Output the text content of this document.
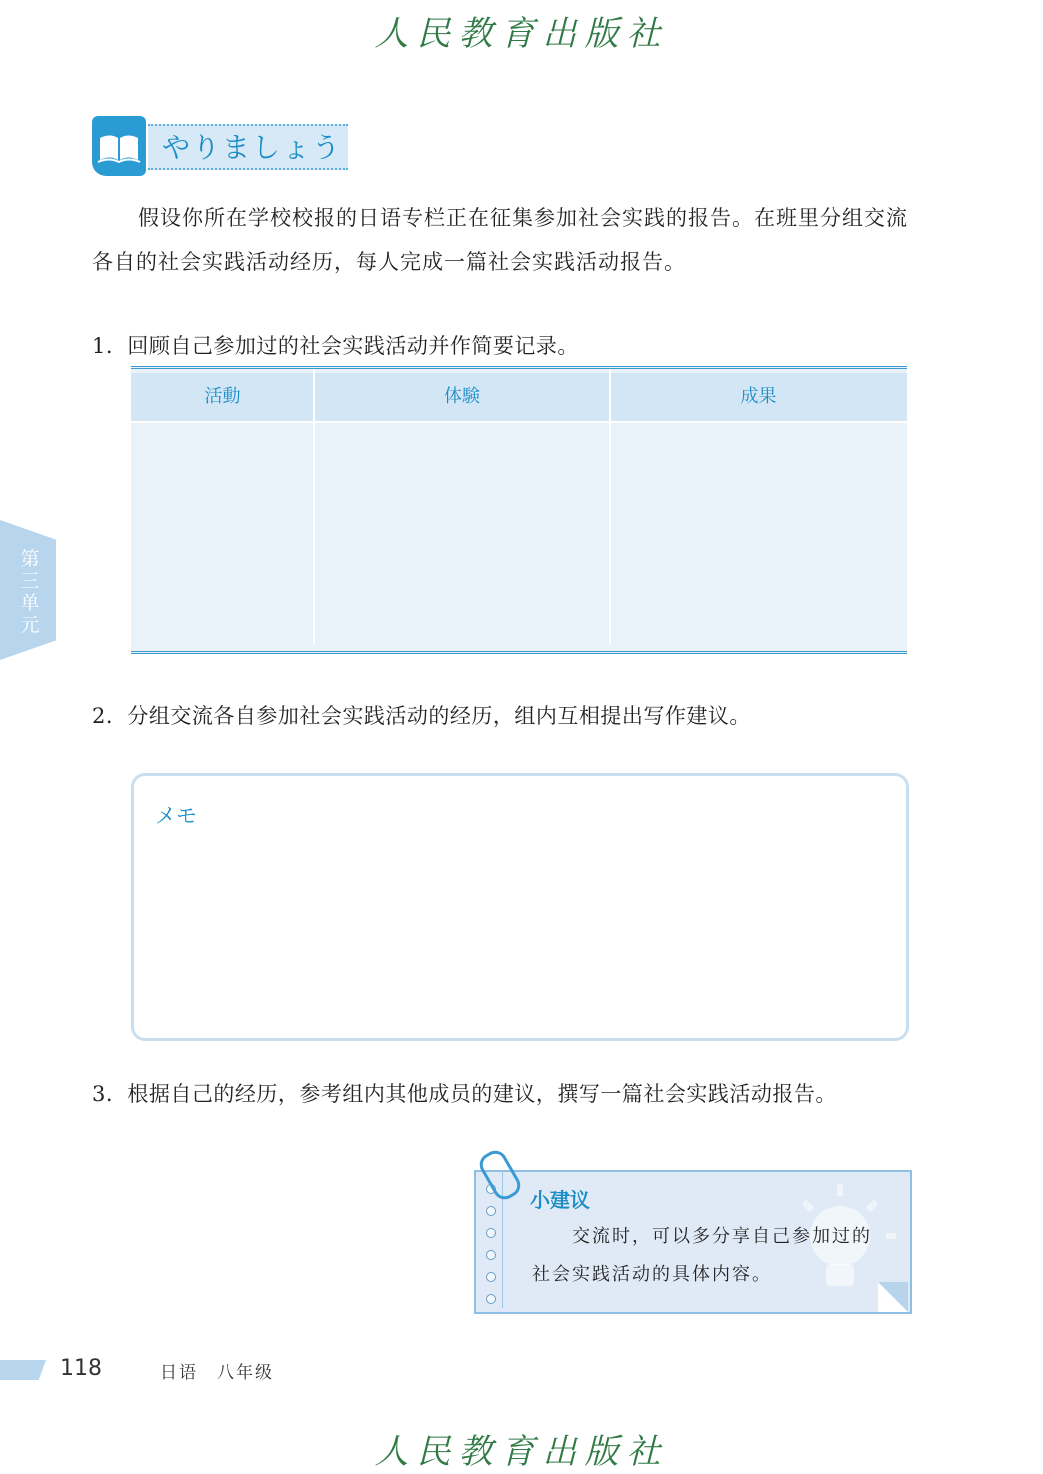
人民教育出版社
やりましょう
假设你所在学校校报的日语专栏正在征集参加社会实践的报告。在班里分组交流各自的社会实践活动经历，每人完成一篇社会实践活动报告。
1. 回顾自己参加过的社会实践活动并作简要记录。
活動	体験	成果
2. 分组交流各自参加社会实践活动的经历，组内互相提出写作建议。
メモ
3. 根据自己的经历，参考组内其他成员的建议，撰写一篇社会实践活动报告。
小建议
交流时，可以多分享自己参加过的社会实践活动的具体内容。
第三单元
118	日语　八年级
人民教育出版社
